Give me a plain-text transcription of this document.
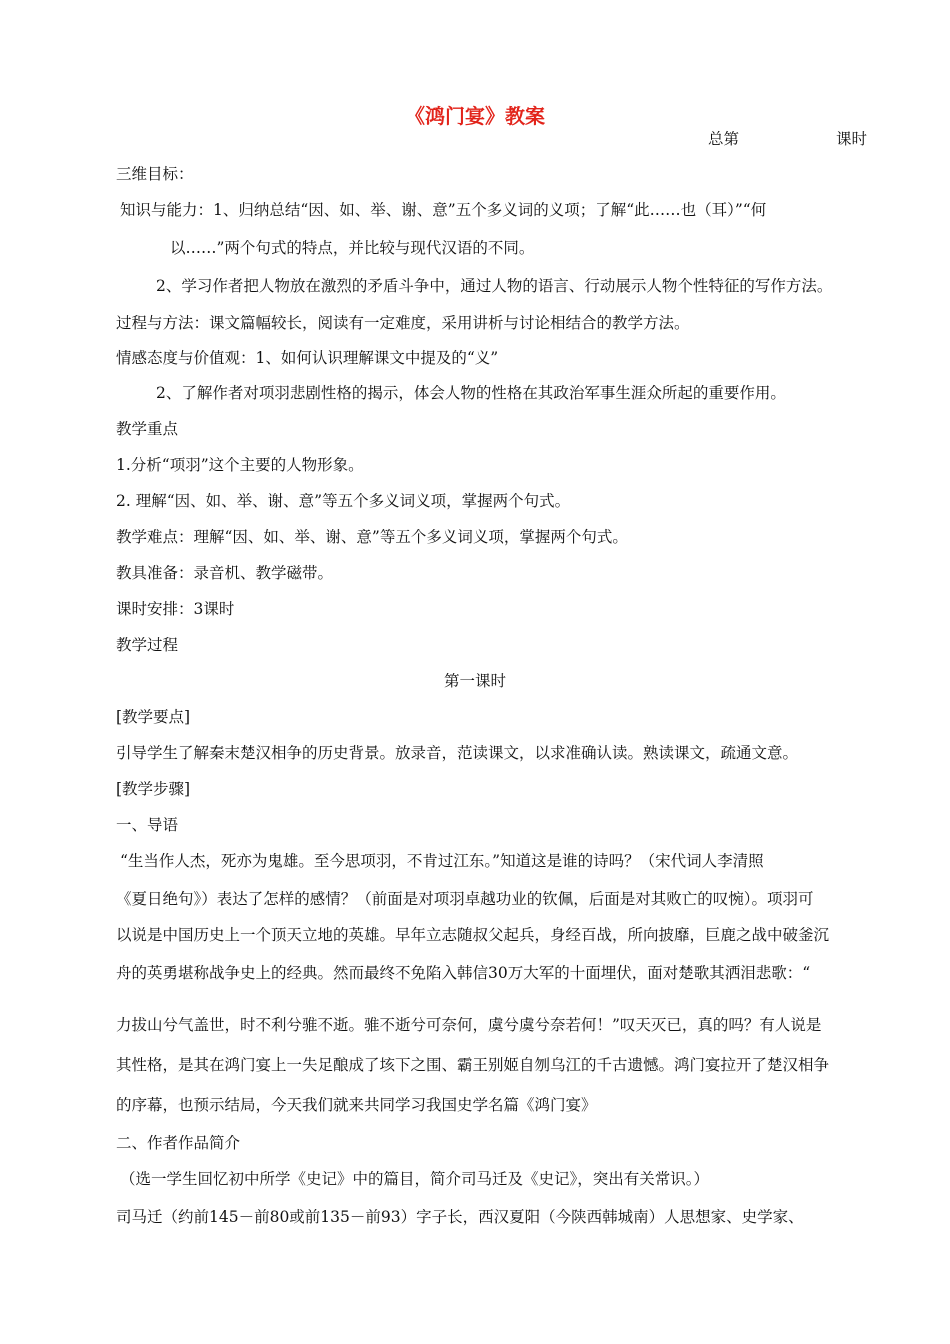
《鸿门宴》教案
总第	课时
三维目标：
知识与能力：1、归纳总结“因、如、举、谢、意”五个多义词的义项；了解“此……也（耳）”“何
以……”两个句式的特点，并比较与现代汉语的不同。
2、学习作者把人物放在激烈的矛盾斗争中，通过人物的语言、行动展示人物个性特征的写作方法。
过程与方法：课文篇幅较长，阅读有一定难度，采用讲析与讨论相结合的教学方法。
情感态度与价值观：1、如何认识理解课文中提及的“义”
2、了解作者对项羽悲剧性格的揭示，体会人物的性格在其政治军事生涯众所起的重要作用。
教学重点
1.分析“项羽”这个主要的人物形象。
2. 理解“因、如、举、谢、意”等五个多义词义项，掌握两个句式。
教学难点：理解“因、如、举、谢、意”等五个多义词义项，掌握两个句式。
教具准备：录音机、教学磁带。
课时安排：3课时
教学过程
第一课时
[教学要点]
引导学生了解秦末楚汉相争的历史背景。放录音，范读课文，以求准确认读。熟读课文，疏通文意。
[教学步骤]
一、导语
“生当作人杰，死亦为鬼雄。至今思项羽，不肯过江东。”知道这是谁的诗吗？（宋代词人李清照
《夏日绝句》）表达了怎样的感情？（前面是对项羽卓越功业的钦佩，后面是对其败亡的叹惋）。项羽可
以说是中国历史上一个顶天立地的英雄。早年立志随叔父起兵，身经百战，所向披靡，巨鹿之战中破釜沉
舟的英勇堪称战争史上的经典。然而最终不免陷入韩信30万大军的十面埋伏，面对楚歌其洒泪悲歌：“
力拔山兮气盖世，时不利兮骓不逝。骓不逝兮可奈何，虞兮虞兮奈若何！”叹天灭已，真的吗？有人说是
其性格，是其在鸿门宴上一失足酿成了垓下之围、霸王别姬自刎乌江的千古遗憾。鸿门宴拉开了楚汉相争
的序幕，也预示结局，今天我们就来共同学习我国史学名篇《鸿门宴》
二、作者作品简介
（选一学生回忆初中所学《史记》中的篇目，简介司马迁及《史记》，突出有关常识。）
司马迁（约前145－前80或前135－前93）字子长，西汉夏阳（今陕西韩城南）人思想家、史学家、
